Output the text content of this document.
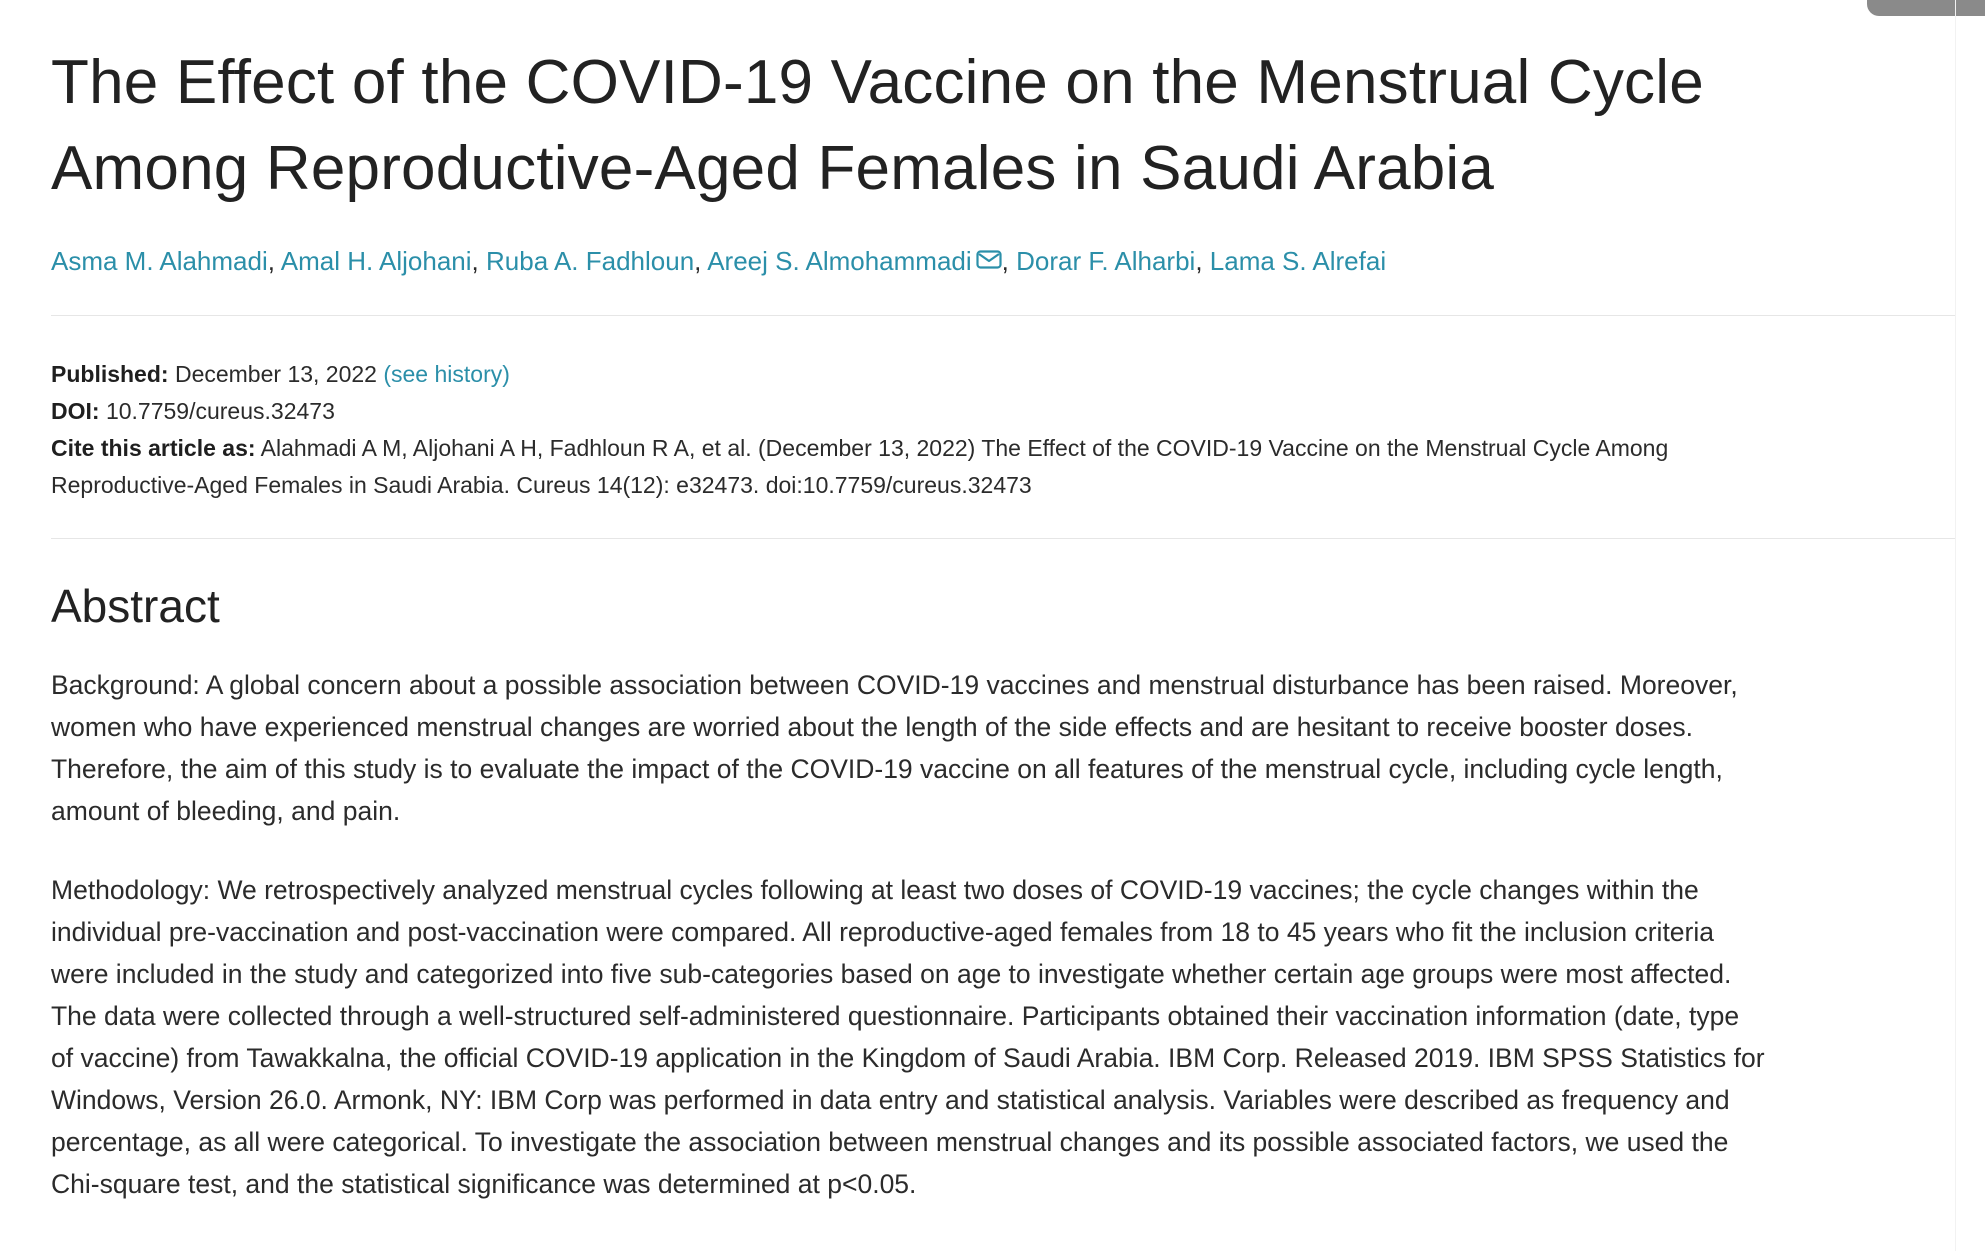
The Effect of the COVID-19 Vaccine on the Menstrual Cycle
Among Reproductive-Aged Females in Saudi Arabia
Asma M. Alahmadi, Amal H. Aljohani, Ruba A. Fadhloun, Areej S. Almohammadi , Dorar F. Alharbi, Lama S. Alrefai
Published: December 13, 2022 (see history)
DOI: 10.7759/cureus.32473
Cite this article as: Alahmadi A M, Aljohani A H, Fadhloun R A, et al. (December 13, 2022) The Effect of the COVID-19 Vaccine on the Menstrual Cycle Among
Reproductive-Aged Females in Saudi Arabia. Cureus 14(12): e32473. doi:10.7759/cureus.32473
Abstract

Background: A global concern about a possible association between COVID-19 vaccines and menstrual disturbance has been raised. Moreover,
women who have experienced menstrual changes are worried about the length of the side effects and are hesitant to receive booster doses.
Therefore, the aim of this study is to evaluate the impact of the COVID-19 vaccine on all features of the menstrual cycle, including cycle length,
amount of bleeding, and pain.

Methodology: We retrospectively analyzed menstrual cycles following at least two doses of COVID-19 vaccines; the cycle changes within the
individual pre-vaccination and post-vaccination were compared. All reproductive-aged females from 18 to 45 years who fit the inclusion criteria
were included in the study and categorized into five sub-categories based on age to investigate whether certain age groups were most affected.
The data were collected through a well-structured self-administered questionnaire. Participants obtained their vaccination information (date, type
of vaccine) from Tawakkalna, the official COVID-19 application in the Kingdom of Saudi Arabia. IBM Corp. Released 2019. IBM SPSS Statistics for
Windows, Version 26.0. Armonk, NY: IBM Corp was performed in data entry and statistical analysis. Variables were described as frequency and
percentage, as all were categorical. To investigate the association between menstrual changes and its possible associated factors, we used the
Chi-square test, and the statistical significance was determined at p<0.05.
